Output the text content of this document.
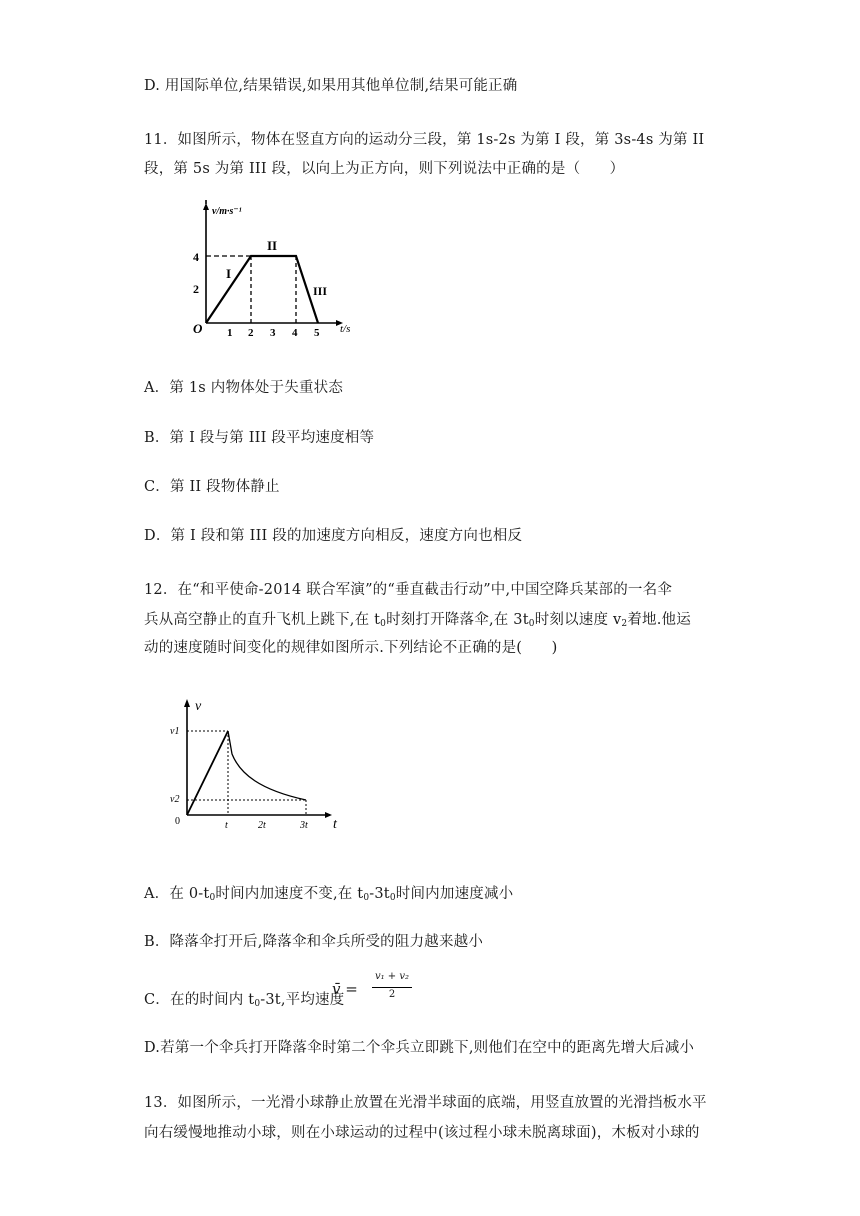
D. 用国际单位,结果错误,如果用其他单位制,结果可能正确
11．如图所示，物体在竖直方向的运动分三段，第 1s-2s 为第 I 段，第 3s-4s 为第 II
段，第 5s 为第 III 段，以向上为正方向，则下列说法中正确的是（　　）
v/m·s⁻¹
t/s
O
4
2
I
II
III
1 2 3 4 5
A．第 1s 内物体处于失重状态
B．第 I 段与第 III 段平均速度相等
C．第 II 段物体静止
D．第 I 段和第 III 段的加速度方向相反，速度方向也相反
12．在“和平使命-2014 联合军演”的“垂直截击行动”中,中国空降兵某部的一名伞
兵从高空静止的直升飞机上跳下,在 $t_0$时刻打开降落伞,在 $3t_0$时刻以速度 $v_2$着地.他运
动的速度随时间变化的规律如图所示.下列结论不正确的是(　　)
v
t
0
v1
v2
t	2t	3t
A．在 $0-t_0$时间内加速度不变,在 $t_0-3t_0$时间内加速度减小
B．降落伞打开后,降落伞和伞兵所受的阻力越来越小
C．在的时间内 $t_0-3t$,平均速度
v̄ =
v₁ + v₂
2
D.若第一个伞兵打开降落伞时第二个伞兵立即跳下,则他们在空中的距离先增大后减小
13．如图所示，一光滑小球静止放置在光滑半球面的底端，用竖直放置的光滑挡板水平
向右缓慢地推动小球，则在小球运动的过程中(该过程小球未脱离球面)，木板对小球的
